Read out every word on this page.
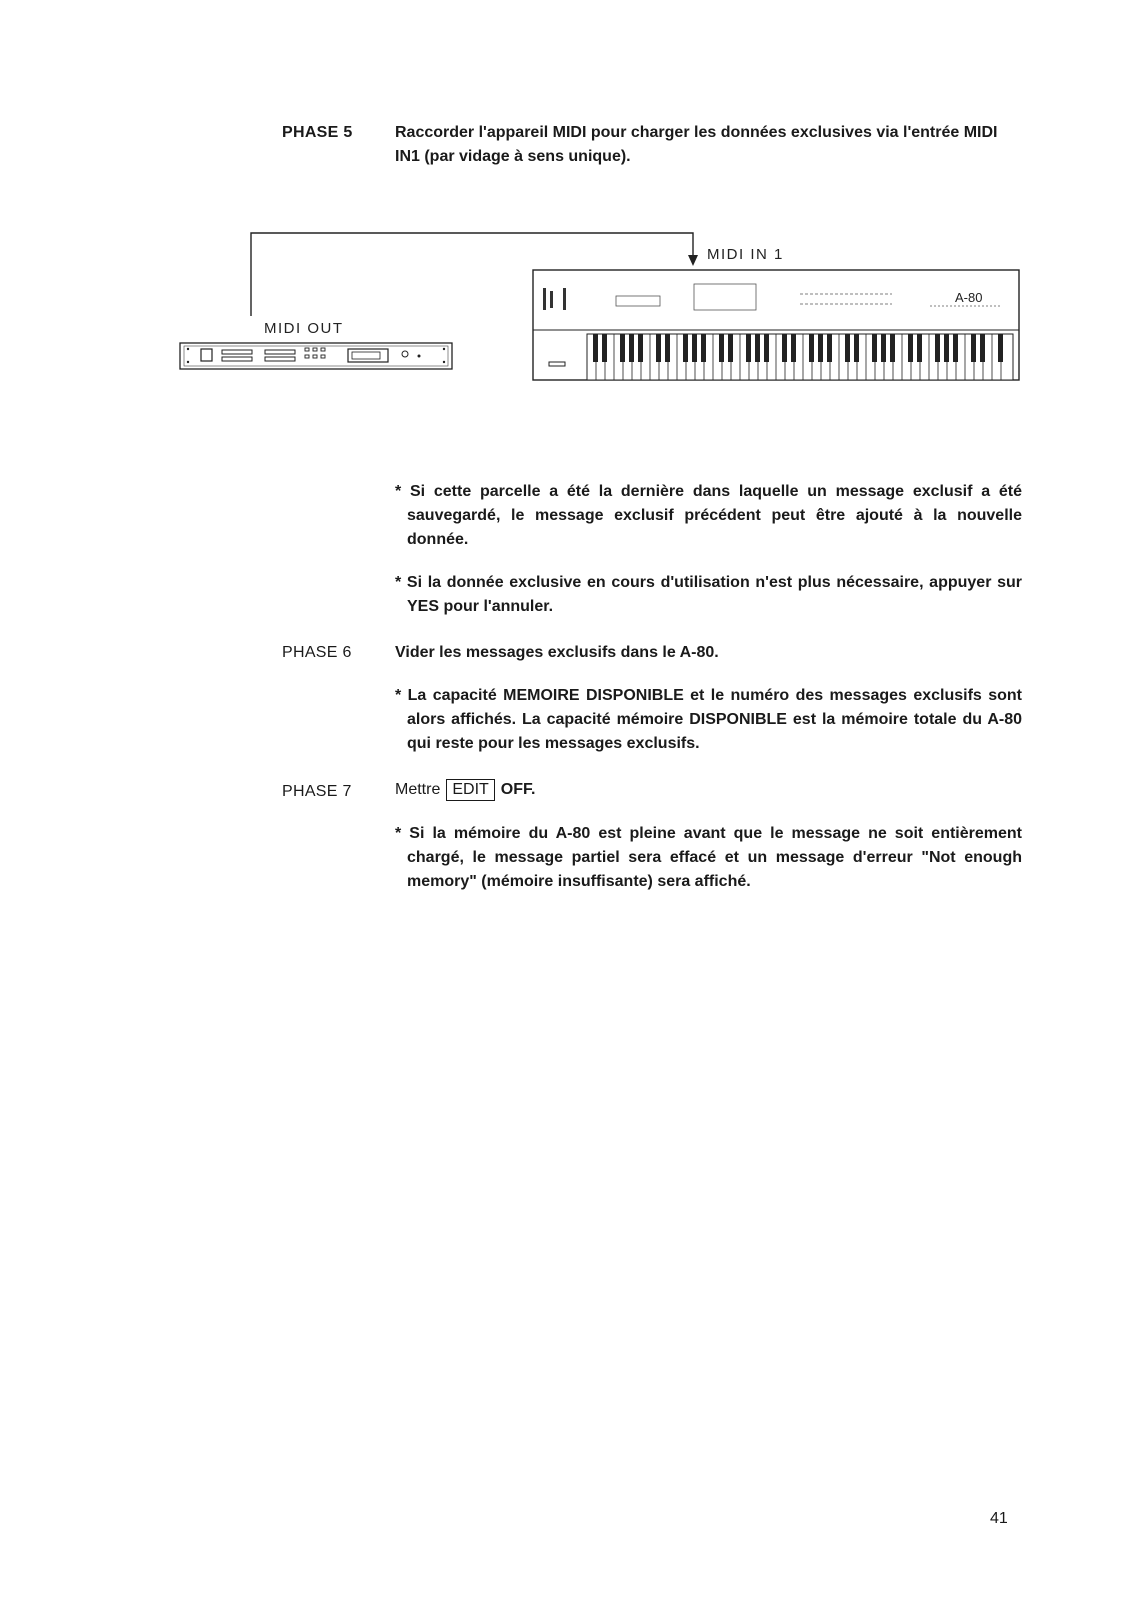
PHASE 5	Raccorder l'appareil MIDI pour charger les données exclusives via l'entrée MIDI IN1 (par vidage à sens unique).
MIDI IN 1
MIDI OUT
A-80
* Si cette parcelle a été la dernière dans laquelle un message exclusif a été sauvegardé, le message exclusif précédent peut être ajouté à la nouvelle donnée.
* Si la donnée exclusive en cours d'utilisation n'est plus nécessaire, appuyer sur YES pour l'annuler.
PHASE 6	Vider les messages exclusifs dans le A-80.
* La capacité MEMOIRE DISPONIBLE et le numéro des messages exclusifs sont alors affichés. La capacité mémoire DISPONIBLE est la mémoire totale du A-80 qui reste pour les messages exclusifs.
PHASE 7	Mettre EDIT OFF.
* Si la mémoire du A-80 est pleine avant que le message ne soit entièrement chargé, le message partiel sera effacé et un message d'erreur "Not enough memory" (mémoire insuffisante) sera affiché.
41
